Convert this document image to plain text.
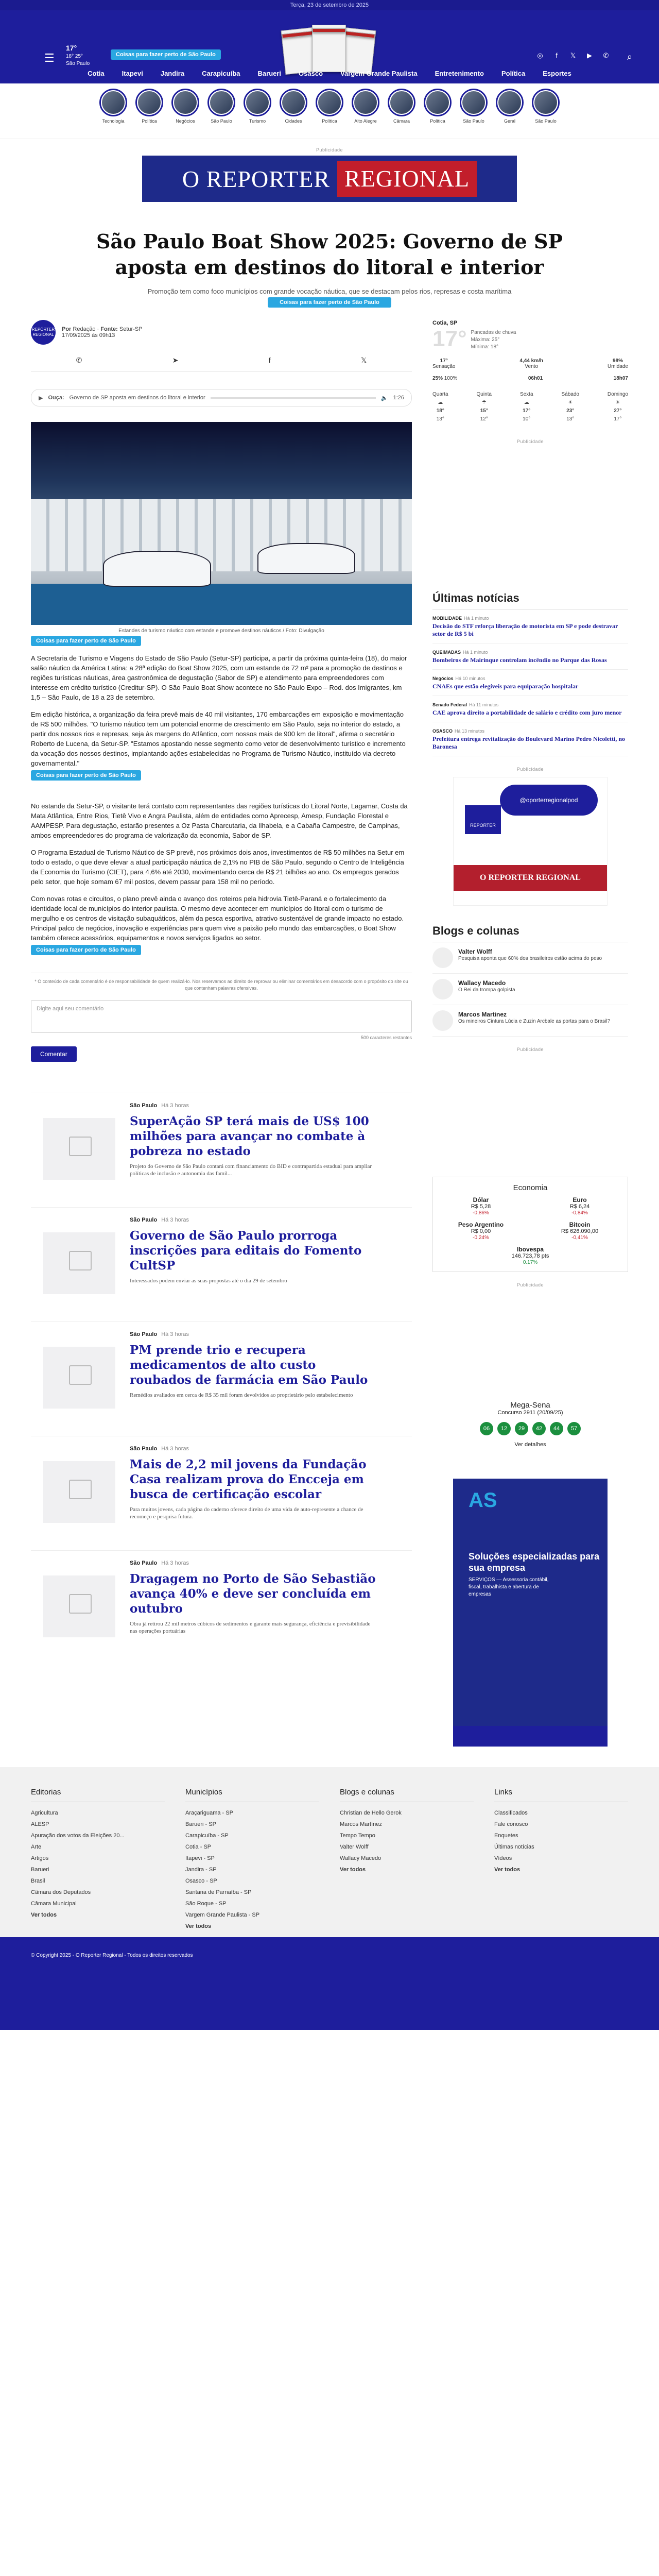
Terça, 23 de setembro de 2025
☰
17°
18° 25°
São Paulo
Coisas para fazer perto de São Paulo	◎	f	𝕏 ▶ ✆ ⌕
Cotia	Itapevi	Jandira	Carapicuíba	Barueri	Osasco	Vargem Grande Paulista	Entretenimento	Política	Esportes
Tecnologia	Política	Negócios	São Paulo	Turismo	Cidades	Política	Alto Alegre	Câmara	Política	São Paulo	Geral	São Paulo
Publicidade
O REPORTER REGIONAL
São Paulo Boat Show 2025: Governo de SP aposta em destinos do litoral e interior
Promoção tem como foco municípios com grande vocação náutica, que se destacam pelos rios, represas e costa marítima
Coisas para fazer perto de São Paulo
REPÓRTER
REGIONAL
Por Redação · Fonte: Setur-SP
17/09/2025 às 09h13
✆	➤	f	𝕏
▶ Ouça: Governo de SP aposta em destinos do litoral e interior	🔈 1:26
Estandes de turismo náutico com estande e promove destinos náuticos / Foto: Divulgação
Coisas para fazer perto de São Paulo

A Secretaria de Turismo e Viagens do Estado de São Paulo (Setur-SP) participa, a partir da próxima quinta-feira (18), do maior salão náutico da América Latina: a 28ª edição do Boat Show 2025, com um estande de 72 m² para a promoção de destinos e regiões turísticas náuticas, área gastronômica de degustação (Sabor de SP) e atendimento para empreendedores com interesse em crédito turístico (Creditur-SP). O São Paulo Boat Show acontece no São Paulo Expo – Rod. dos Imigrantes, km 1,5 – São Paulo, de 18 a 23 de setembro.

Em edição histórica, a organização da feira prevê mais de 40 mil visitantes, 170 embarcações em exposição e movimentação de R$ 500 milhões. "O turismo náutico tem um potencial enorme de crescimento em São Paulo, seja no interior do estado, a partir dos nossos rios e represas, seja às margens do Atlântico, com nossos mais de 900 km de litoral", afirma o secretário Roberto de Lucena, da Setur-SP. "Estamos apostando nesse segmento como vetor de desenvolvimento turístico e incremento da vocação dos nossos destinos, implantando ações estabelecidas no Programa de Turismo Náutico, instituído via decreto governamental."

Coisas para fazer perto de São Paulo

No estande da Setur-SP, o visitante terá contato com representantes das regiões turísticas do Litoral Norte, Lagamar, Costa da Mata Atlântica, Entre Rios, Tietê Vivo e Angra Paulista, além de entidades como Aprecesp, Amesp, Fundação Florestal e AAMPESP. Para degustação, estarão presentes a Oz Pasta Charcutaria, da Ilhabela, e a Cabaña Campestre, de Campinas, ambos empreendedores do programa de valorização da economia, Sabor de SP.

O Programa Estadual de Turismo Náutico de SP prevê, nos próximos dois anos, investimentos de R$ 50 milhões na Setur em todo o estado, o que deve elevar a atual participação náutica de 2,1% no PIB de São Paulo, segundo o Centro de Inteligência da Economia do Turismo (CIET), para 4,6% até 2030, movimentando cerca de R$ 21 bilhões ao ano. Os empregos gerados pelo setor, que hoje somam 67 mil postos, devem passar para 158 mil no período.

Com novas rotas e circuitos, o plano prevê ainda o avanço dos roteiros pela hidrovia Tietê-Paraná e o fortalecimento da identidade local de municípios do interior paulista. O mesmo deve acontecer em municípios do litoral com o turismo de mergulho e os centros de visitação subaquáticos, além da pesca esportiva, atrativo sustentável de grande impacto no estado. Principal palco de negócios, inovação e experiências para quem vive a paixão pelo mundo das embarcações, o Boat Show também oferece acessórios, equipamentos e novos serviços ligados ao setor.

Coisas para fazer perto de São Paulo
* O conteúdo de cada comentário é de responsabilidade de quem realizá-lo. Nos reservamos ao direito de reprovar ou eliminar comentários em desacordo com o propósito do site ou que contenham palavras ofensivas.
Digite aqui seu comentário
500 caracteres restantes
Comentar
São Paulo Há 3 horas
SuperAção SP terá mais de US$ 100 milhões para avançar no combate à pobreza no estado
Projeto do Governo de São Paulo contará com financiamento do BID e contrapartida estadual para ampliar políticas de inclusão e autonomia das famíl...
São Paulo Há 3 horas
Governo de São Paulo prorroga inscrições para editais do Fomento CultSP
Interessados podem enviar as suas propostas até o dia 29 de setembro
São Paulo Há 3 horas
PM prende trio e recupera medicamentos de alto custo roubados de farmácia em São Paulo
Remédios avaliados em cerca de R$ 35 mil foram devolvidos ao proprietário pelo estabelecimento
São Paulo Há 3 horas
Mais de 2,2 mil jovens da Fundação Casa realizam prova do Encceja em busca de certificação escolar
Para muitos jovens, cada página do caderno oferece direito de uma vida de auto-represente a chance de recomeço e pesquisa futura.
São Paulo Há 3 horas
Dragagem no Porto de São Sebastião avança 40% e deve ser concluída em outubro
Obra já retirou 22 mil metros cúbicos de sedimentos e garante mais segurança, eficiência e previsibilidade nas operações portuárias
Cotia, SP
17° Pancadas de chuva
Máxima: 25°
Mínima: 18°
17°
Sensação
4,44 km/h
Vento
98%
Umidade
25% 100%	06h01	18h07
Quarta
☁
18°
13°
Quinta
☂
15°
12°
Sexta
☁
17°
10°
Sábado
☀
23°
13°
Domingo
☀
27°
17°
Publicidade
Últimas notícias
MOBILIDADE Há 1 minuto
Decisão do STF reforça liberação de motorista em SP e pode destravar setor de R$ 5 bi
QUEIMADAS Há 1 minuto
Bombeiros de Mairinque controlam incêndio no Parque das Rosas
Negócios Há 10 minutos
CNAEs que estão elegíveis para equiparação hospitalar
Senado Federal Há 11 minutos
CAE aprova direito a portabilidade de salário e crédito com juro menor
OSASCO Há 13 minutos
Prefeitura entrega revitalização do Boulevard Marino Pedro Nicoletti, no Baronesa
Publicidade
REPORTER
@oporterregionalpod
O REPORTER REGIONAL
Blogs e colunas
Valter Wolff

Pesquisa aponta que 60% dos brasileiros estão acima do peso

Wallacy Macedo

O Rei da trompa golpista

Marcos Martinez

Os mineiros Cintura Lúcia e Zuzin Arcbale as portas para o Brasil?

Publicidade
Economia
Dólar
R$ 5,28
-0,86%
Euro
R$ 6,24
-0,84%
Peso Argentino
R$ 0,00
-0,24%
Bitcoin
R$ 626.090,00
-0,41%
Ibovespa
146.723,78 pts
0.17%
Publicidade
Mega-Sena
Concurso 2911 (20/09/25)
06	12	29	42	44	57
Ver detalhes
AS
Soluções especializadas para sua empresa
SERVIÇOS — Assessoria contábil, fiscal, trabalhista e abertura de empresas
Editorias
Agricultura
ALESP
Apuração dos votos da Eleições 20...
Arte
Artigos
Barueri
Brasil
Câmara dos Deputados
Câmara Municipal
Ver todos
Municípios
Araçariguama - SP
Barueri - SP
Carapicuíba - SP
Cotia - SP
Itapevi - SP
Jandira - SP
Osasco - SP
Santana de Parnaíba - SP
São Roque - SP
Vargem Grande Paulista - SP
Ver todos
Blogs e colunas
Christian de Hello Gerok
Marcos Martínez
Tempo Tempo
Valter Wolff
Wallacy Macedo
Ver todos
Links
Classificados
Fale conosco
Enquetes
Últimas notícias
Vídeos
Ver todos
© Copyright 2025 - O Reporter Regional - Todos os direitos reservados
